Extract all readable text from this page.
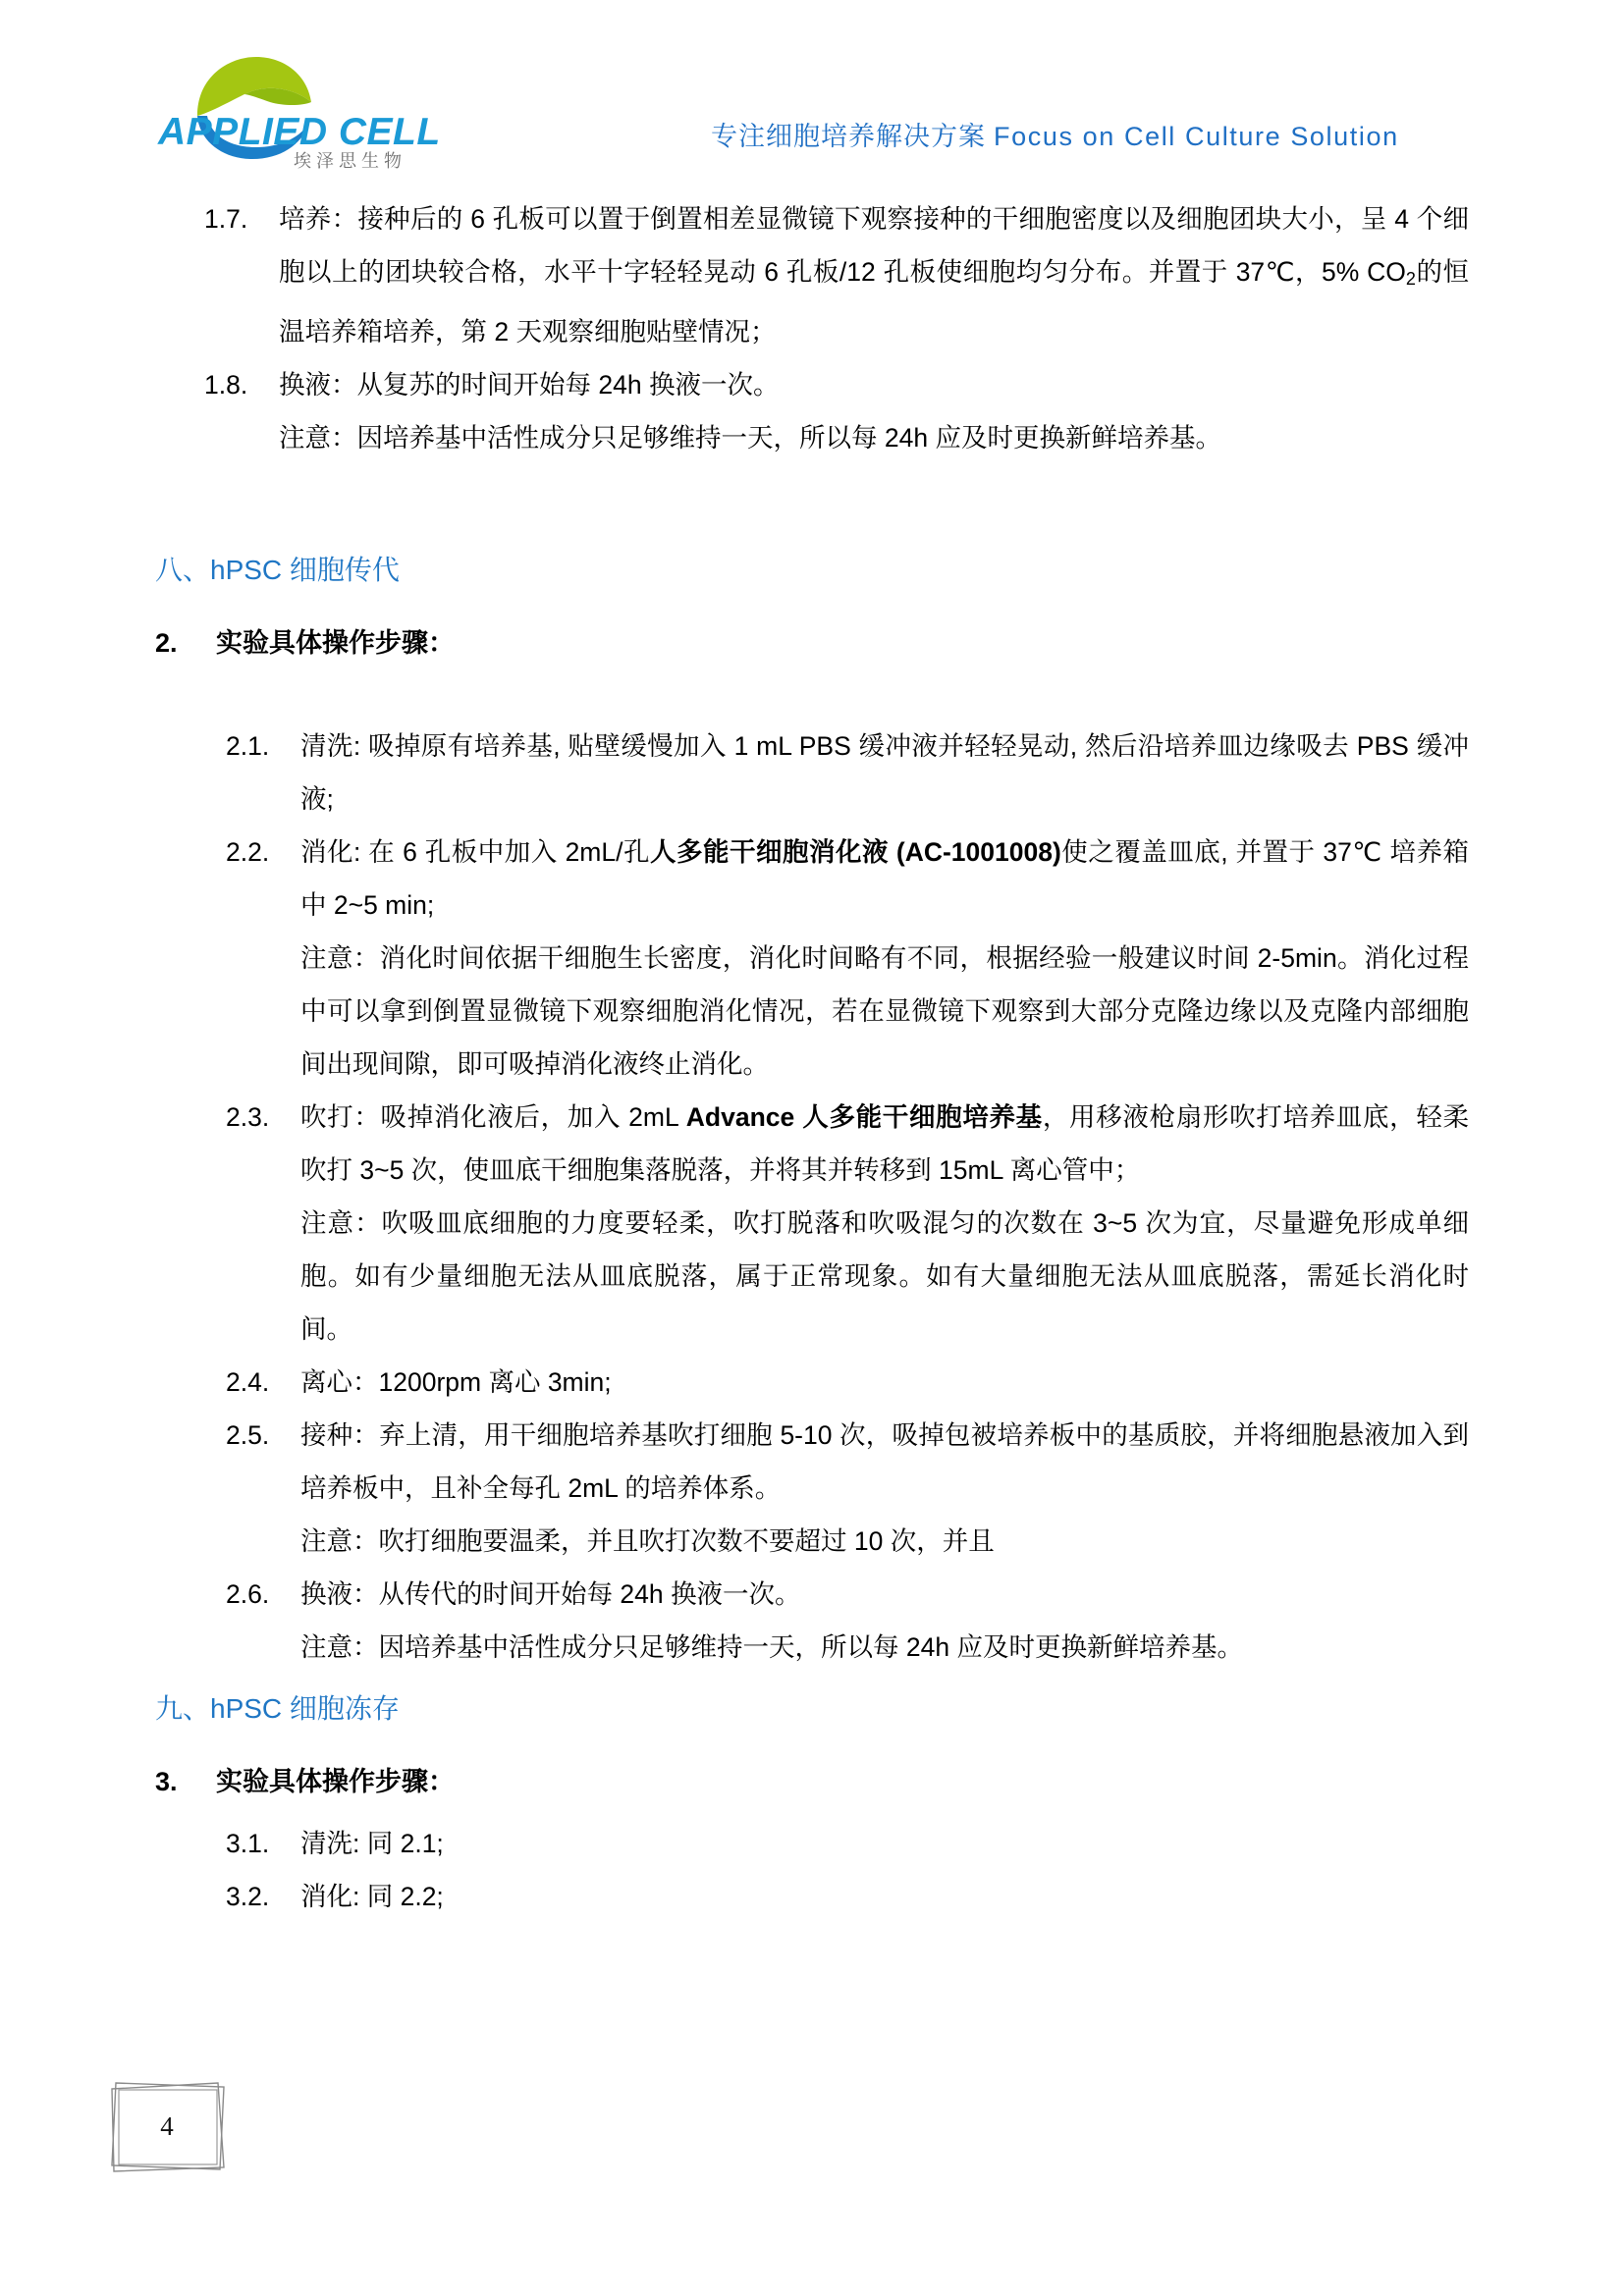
APPLIED CELL
埃泽思生物
专注细胞培养解决方案 Focus on Cell Culture Solution
1.7.	培养：接种后的 6 孔板可以置于倒置相差显微镜下观察接种的干细胞密度以及细胞团块大小，呈 4 个细胞以上的团块较合格，水平十字轻轻晃动 6 孔板/12 孔板使细胞均匀分布。并置于 37℃，5% $CO_2$的恒温培养箱培养，第 2 天观察细胞贴壁情况；
1.8.	换液：从复苏的时间开始每 24h 换液一次。
注意：因培养基中活性成分只足够维持一天，所以每 24h 应及时更换新鲜培养基。
八、hPSC 细胞传代
2.	实验具体操作步骤：
2.1.	清洗: 吸掉原有培养基, 贴壁缓慢加入 1 mL PBS 缓冲液并轻轻晃动, 然后沿培养皿边缘吸去 PBS 缓冲液;
2.2.	消化: 在 6 孔板中加入 2mL/孔人多能干细胞消化液 (AC-1001008)使之覆盖皿底, 并置于 37℃ 培养箱中 2~5 min;
注意：消化时间依据干细胞生长密度，消化时间略有不同，根据经验一般建议时间 2-5min。消化过程中可以拿到倒置显微镜下观察细胞消化情况，若在显微镜下观察到大部分克隆边缘以及克隆内部细胞间出现间隙，即可吸掉消化液终止消化。
2.3.	吹打：吸掉消化液后，加入 2mL Advance 人多能干细胞培养基，用移液枪扇形吹打培养皿底，轻柔吹打 3~5 次，使皿底干细胞集落脱落，并将其并转移到 15mL 离心管中；
注意：吹吸皿底细胞的力度要轻柔，吹打脱落和吹吸混匀的次数在 3~5 次为宜，尽量避免形成单细胞。如有少量细胞无法从皿底脱落，属于正常现象。如有大量细胞无法从皿底脱落，需延长消化时间。
2.4.	离心：1200rpm 离心 3min;
2.5.	接种：弃上清，用干细胞培养基吹打细胞 5-10 次，吸掉包被培养板中的基质胶，并将细胞悬液加入到培养板中，且补全每孔 2mL 的培养体系。
注意：吹打细胞要温柔，并且吹打次数不要超过 10 次，并且
2.6.	换液：从传代的时间开始每 24h 换液一次。
注意：因培养基中活性成分只足够维持一天，所以每 24h 应及时更换新鲜培养基。
九、hPSC 细胞冻存
3.	实验具体操作步骤：
3.1.	清洗: 同 2.1;
3.2.	消化: 同 2.2;
4
